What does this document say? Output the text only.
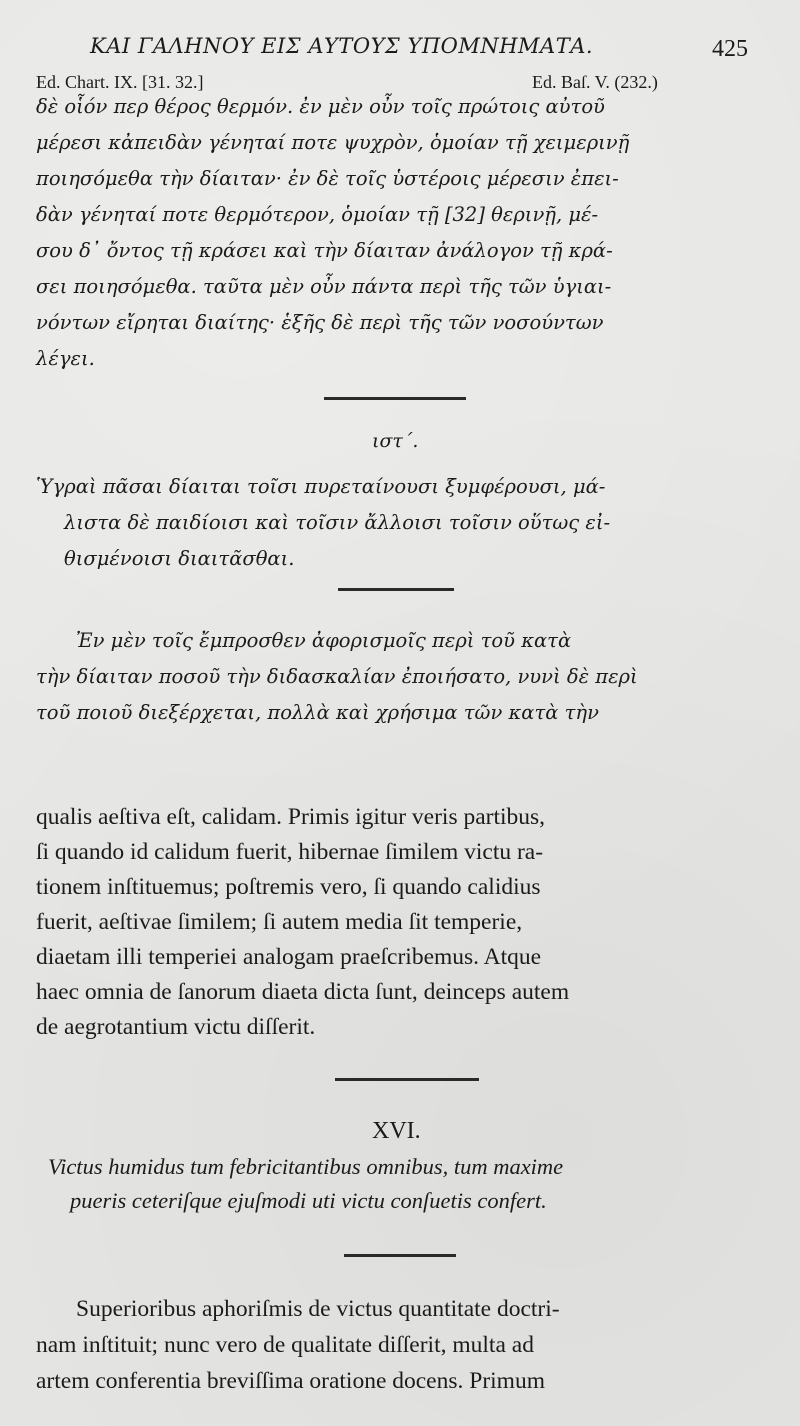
ΚΑΙ ΓΑΛΗΝΟΥ ΕΙΣ ΑΥΤΟΥΣ ΥΠΟΜΝΗΜΑΤΑ.	425
Ed. Chart. IX. [31. 32.]	Ed. Baſ. V. (232.)
δὲ οἷόν περ θέρος θερμόν. ἐν μὲν οὖν τοῖς πρώτοις αὐτοῦ
μέρεσι κἀπειδὰν γένηταί ποτε ψυχρὸν, ὁμοίαν τῇ χειμερινῇ
ποιησόμεθα τὴν δίαιταν· ἐν δὲ τοῖς ὑστέροις μέρεσιν ἐπει-
δὰν γένηταί ποτε θερμότερον, ὁμοίαν τῇ [32] θερινῇ, μέ-
σου δ᾽ ὄντος τῇ κράσει καὶ τὴν δίαιταν ἀνάλογον τῇ κρά-
σει ποιησόμεθα. ταῦτα μὲν οὖν πάντα περὶ τῆς τῶν ὑγιαι-
νόντων εἴρηται διαίτης· ἑξῆς δὲ περὶ τῆς τῶν νοσούντων
λέγει.
ιστ΄.
Ὑγραὶ πᾶσαι δίαιται τοῖσι πυρεταίνουσι ξυμφέρουσι, μά-
λιστα δὲ παιδίοισι καὶ τοῖσιν ἄλλοισι τοῖσιν οὕτως εἰ-
θισμένοισι διαιτᾶσθαι.
Ἐν μὲν τοῖς ἔμπροσθεν ἀφορισμοῖς περὶ τοῦ κατὰ
τὴν δίαιταν ποσοῦ τὴν διδασκαλίαν ἐποιήσατο, νυνὶ δὲ περὶ
τοῦ ποιοῦ διεξέρχεται, πολλὰ καὶ χρήσιμα τῶν κατὰ τὴν
qualis aeſtiva eſt, calidam. Primis igitur veris partibus,
ſi quando id calidum fuerit, hibernae ſimilem victu ra-
tionem inſtituemus; poſtremis vero, ſi quando calidius
fuerit, aeſtivae ſimilem; ſi autem media ſit temperie,
diaetam illi temperiei analogam praeſcribemus. Atque
haec omnia de ſanorum diaeta dicta ſunt, deinceps autem
de aegrotantium victu diſſerit.
XVI.
Victus humidus tum febricitantibus omnibus, tum maxime
pueris ceteriſque ejuſmodi uti victu conſuetis confert.
Superioribus aphoriſmis de victus quantitate doctri-
nam inſtituit; nunc vero de qualitate diſſerit, multa ad
artem conferentia breviſſima oratione docens. Primum
